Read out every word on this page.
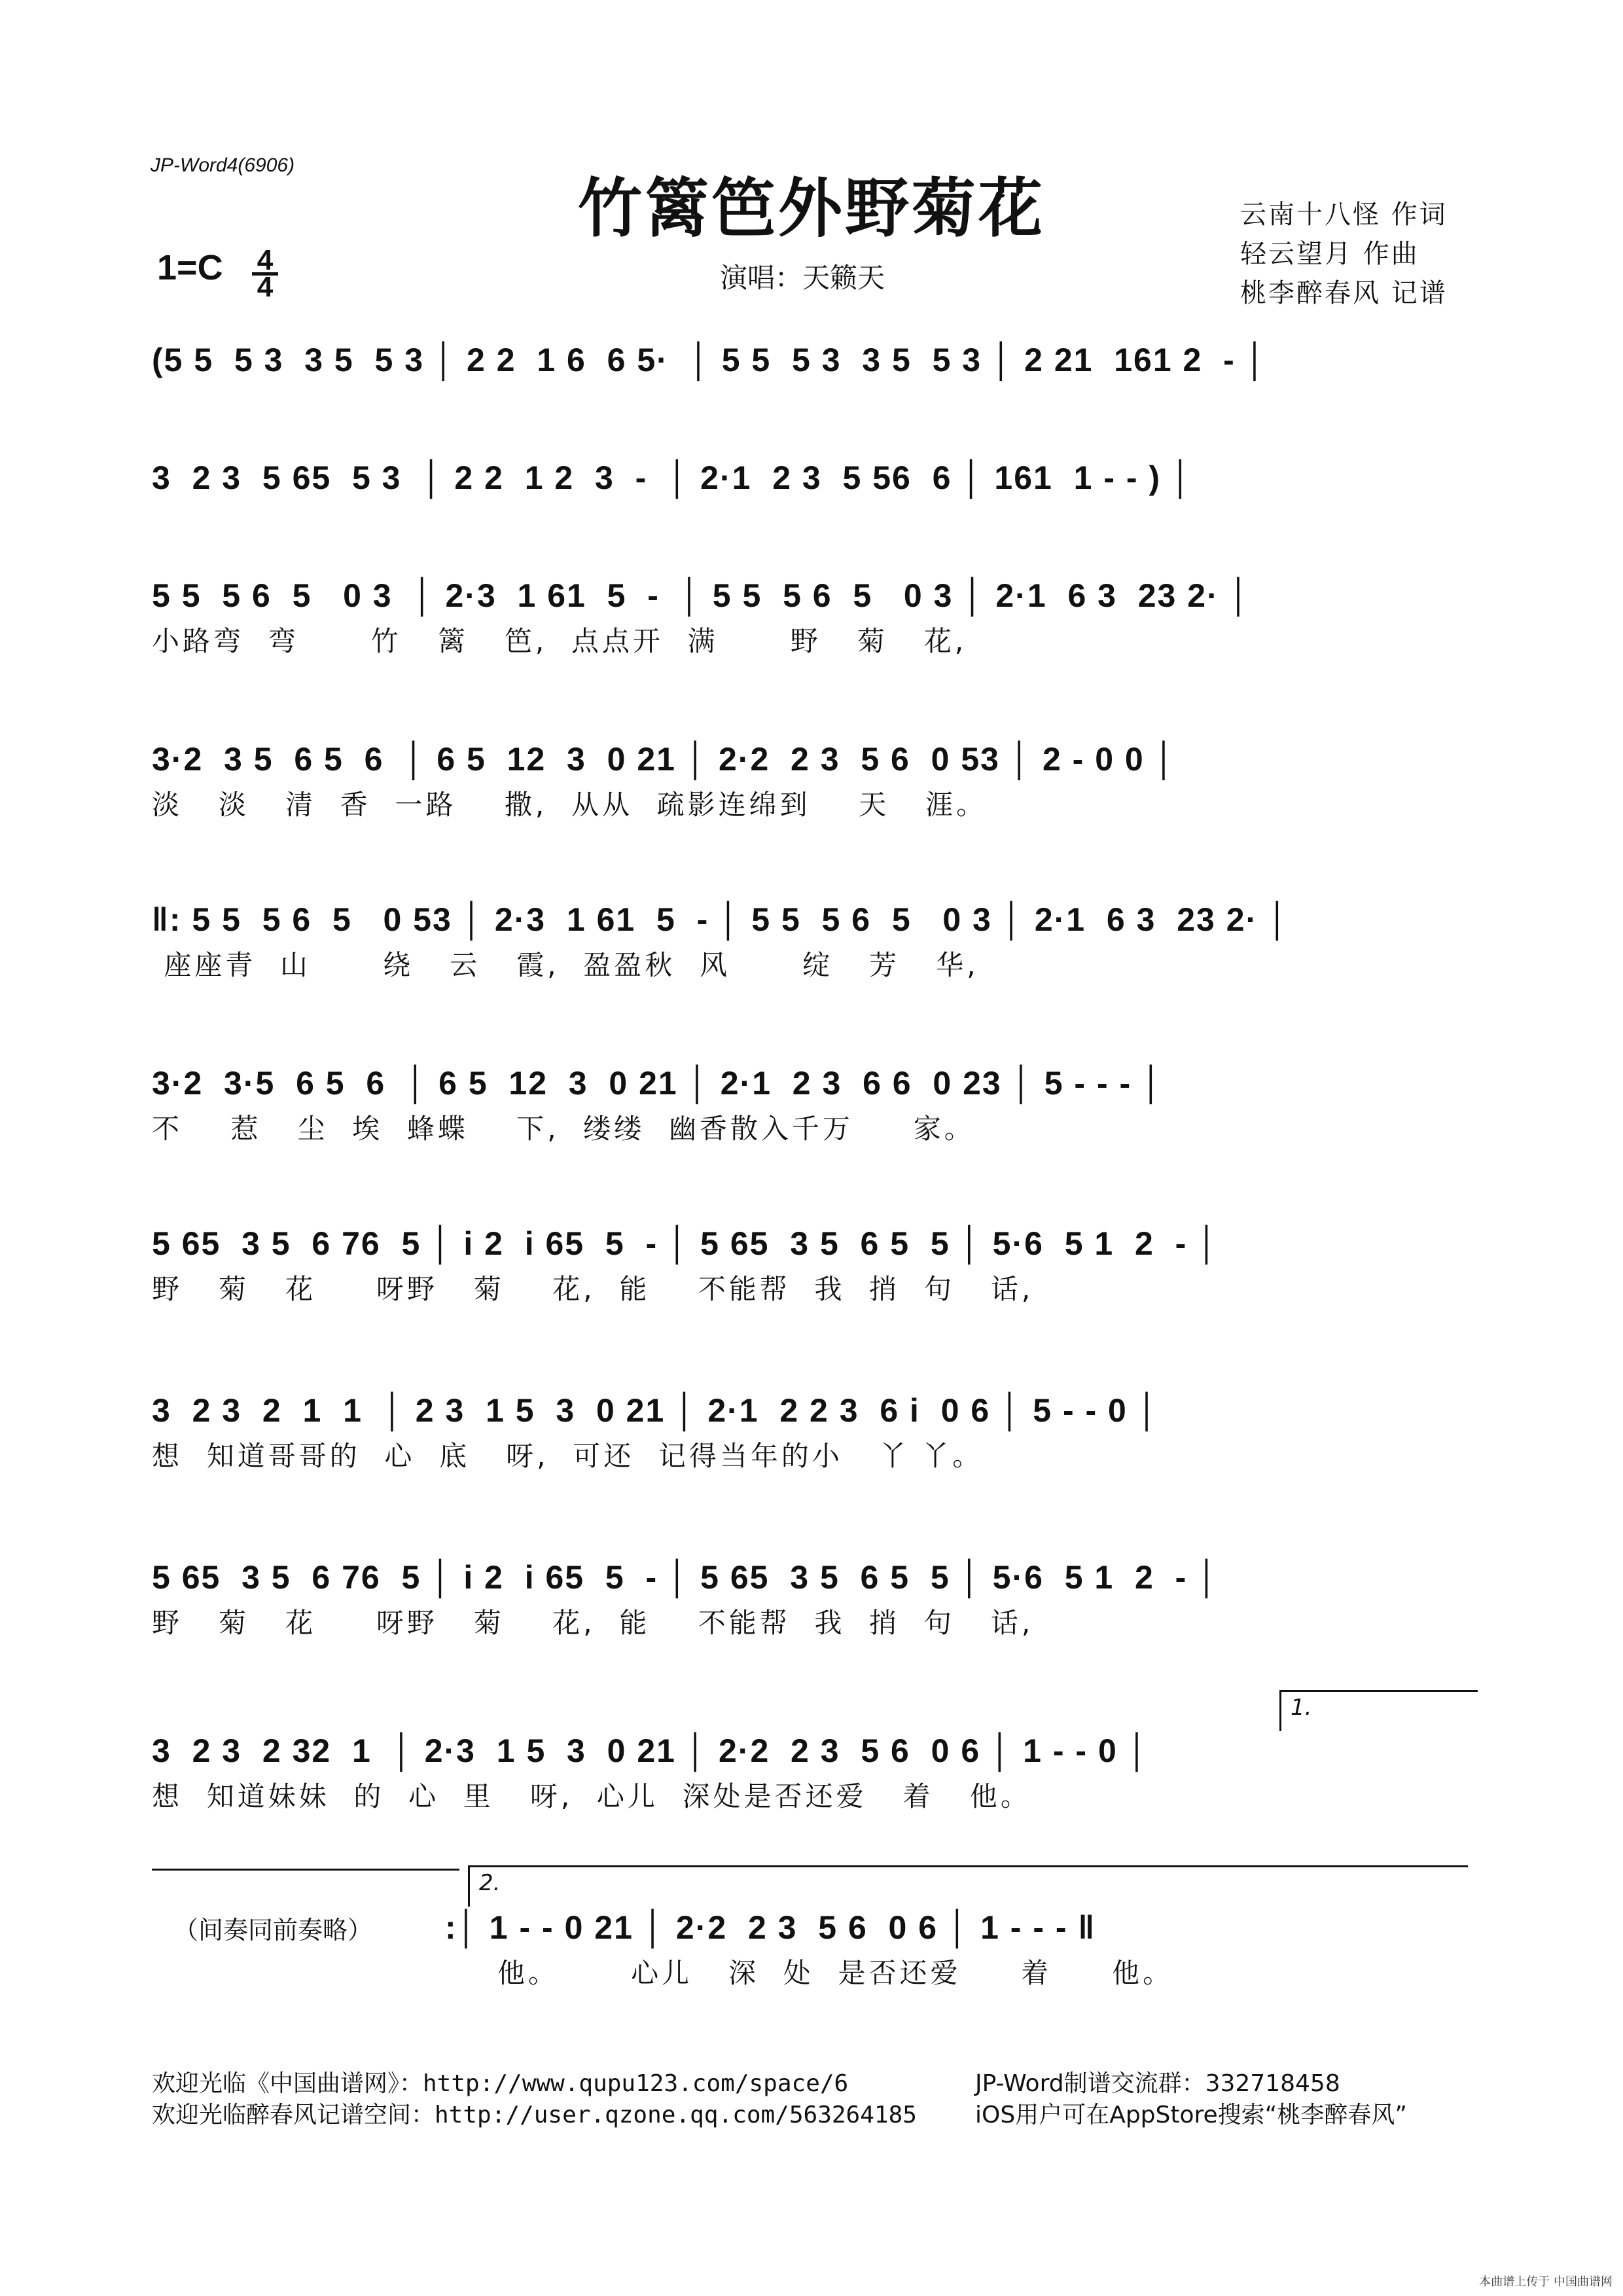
JP-Word4(6906)
竹篱笆外野菊花
1=C 4
4	演唱：天籁天
云南十八怪 作词
轻云望月 作曲
桃李醉春风 记谱
(5 5  5 3  3 5  5 3 │ 2 2  1 6  6 5·  │ 5 5  5 3  3 5  5 3 │ 2 21  161 2  - │
3  2 3  5 65  5 3  │ 2 2  1 2  3  -  │ 2·1  2 3  5 56  6 │ 161  1 - - ) │
5 5  5 6  5   0 3  │ 2·3  1 61  5  -  │ 5 5  5 6  5   0 3 │ 2·1  6 3  23 2· │
小路弯  弯      竹   篱   笆,  点点开  满      野   菊   花,
3·2  3 5  6 5  6  │ 6 5  12  3  0 21 │ 2·2  2 3  5 6  0 53 │ 2 - 0 0 │
淡   淡   清  香  一路    撒,  从从  疏影连绵到    天   涯。
‖: 5 5  5 6  5   0 53 │ 2·3  1 61  5  - │ 5 5  5 6  5   0 3 │ 2·1  6 3  23 2· │
座座青  山      绕   云   霞,  盈盈秋  风      绽   芳   华,
3·2  3·5  6 5  6  │ 6 5  12  3  0 21 │ 2·1  2 3  6 6  0 23 │ 5 - - - │
不    惹   尘  埃  蜂蝶    下,  缕缕  幽香散入千万     家。
5 65  3 5  6 76  5 │ i 2  i 65  5  - │ 5 65  3 5  6 5  5 │ 5·6  5 1  2  - │
野   菊   花     呀野   菊    花,  能    不能帮  我  捎  句   话,
3  2 3  2  1  1  │ 2 3  1 5  3  0 21 │ 2·1  2 2 3  6 i  0 6 │ 5 - - 0 │
想  知道哥哥的  心  底   呀,  可还  记得当年的小   丫 丫。
5 65  3 5  6 76  5 │ i 2  i 65  5  - │ 5 65  3 5  6 5  5 │ 5·6  5 1  2  - │
野   菊   花     呀野   菊    花,  能    不能帮  我  捎  句   话,
1.
3  2 3  2 32  1  │ 2·3  1 5  3  0 21 │ 2·2  2 3  5 6  0 6 │ 1 - - 0 │
想  知道妹妹  的  心  里   呀,  心儿  深处是否还爱   着   他。
2.
（间奏同前奏略） :│ 1 - - 0 21 │ 2·2  2 3  5 6  0 6 │ 1 - - - ‖
他。      心儿   深  处  是否还爱     着     他。
欢迎光临《中国曲谱网》：http://www.qupu123.com/space/6
欢迎光临醉春风记谱空间：http://user.qzone.qq.com/563264185
JP-Word制谱交流群：332718458
iOS用户可在AppStore搜索“桃李醉春风”
本曲谱上传于 中国曲谱网
